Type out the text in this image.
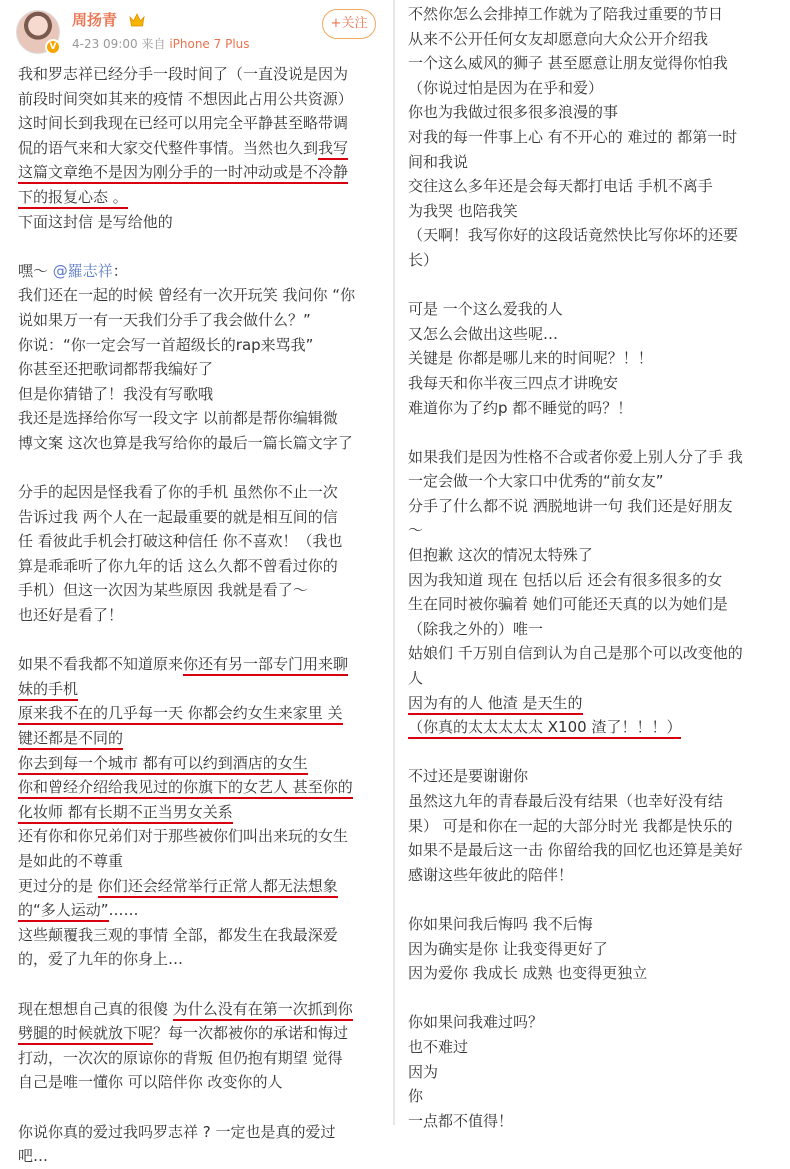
V
周扬青
4-23 09:00 来自 iPhone 7 Plus
+关注
我和罗志祥已经分手一段时间了（一直没说是因为
前段时间突如其来的疫情 不想因此占用公共资源）
这时间长到我现在已经可以用完全平静甚至略带调
侃的语气来和大家交代整件事情。当然也久到我写
这篇文章绝不是因为刚分手的一时冲动或是不冷静
下的报复心态 。
下面这封信 是写给他的
嘿～ @羅志祥：
我们还在一起的时候 曾经有一次开玩笑 我问你 “你
说如果万一有一天我们分手了我会做什么？”
你说：“你一定会写一首超级长的rap来骂我”
你甚至还把歌词都帮我编好了
但是你猜错了！我没有写歌哦
我还是选择给你写一段文字 以前都是帮你编辑微
博文案 这次也算是我写给你的最后一篇长篇文字了
分手的起因是怪我看了你的手机 虽然你不止一次
告诉过我 两个人在一起最重要的就是相互间的信
任 看彼此手机会打破这种信任 你不喜欢！（我也
算是乖乖听了你九年的话 这么久都不曾看过你的
手机）但这一次因为某些原因 我就是看了～
也还好是看了！
如果不看我都不知道原来你还有另一部专门用来聊
妹的手机
原来我不在的几乎每一天 你都会约女生来家里 关
键还都是不同的
你去到每一个城市 都有可以约到酒店的女生
你和曾经介绍给我见过的你旗下的女艺人 甚至你的
化妆师 都有长期不正当男女关系
还有你和你兄弟们对于那些被你们叫出来玩的女生
是如此的不尊重
更过分的是 你们还会经常举行正常人都无法想象
的“多人运动”……
这些颠覆我三观的事情 全部，都发生在我最深爱
的，爱了九年的你身上…
现在想想自己真的很傻 为什么没有在第一次抓到你
劈腿的时候就放下呢？每一次都被你的承诺和悔过
打动，一次次的原谅你的背叛 但仍抱有期望 觉得
自己是唯一懂你 可以陪伴你 改变你的人
你说你真的爱过我吗罗志祥 ? 一定也是真的爱过
吧…
不然你怎么会排掉工作就为了陪我过重要的节日
从来不公开任何女友却愿意向大众公开介绍我
一个这么威风的狮子 甚至愿意让朋友觉得你怕我
（你说过怕是因为在乎和爱）
你也为我做过很多很多浪漫的事
对我的每一件事上心 有不开心的 难过的 都第一时
间和我说
交往这么多年还是会每天都打电话 手机不离手
为我哭 也陪我笑
（天啊！我写你好的这段话竟然快比写你坏的还要
长）
可是 一个这么爱我的人
又怎么会做出这些呢…
关键是 你都是哪儿来的时间呢？！！
我每天和你半夜三四点才讲晚安
难道你为了约p 都不睡觉的吗？！
如果我们是因为性格不合或者你爱上别人分了手 我
一定会做一个大家口中优秀的“前女友”
分手了什么都不说 洒脱地讲一句 我们还是好朋友
～
但抱歉 这次的情况太特殊了
因为我知道 现在 包括以后 还会有很多很多的女
生在同时被你骗着 她们可能还天真的以为她们是
（除我之外的）唯一
姑娘们 千万别自信到认为自己是那个可以改变他的
人
因为有的人 他渣 是天生的
（你真的太太太太太 X100 渣了！！！）
不过还是要谢谢你
虽然这九年的青春最后没有结果（也幸好没有结
果） 可是和你在一起的大部分时光 我都是快乐的
如果不是最后这一击 你留给我的回忆也还算是美好
感谢这些年彼此的陪伴！
你如果问我后悔吗 我不后悔
因为确实是你 让我变得更好了
因为爱你 我成长 成熟 也变得更独立
你如果问我难过吗？
也不难过
因为
你
一点都不值得！
